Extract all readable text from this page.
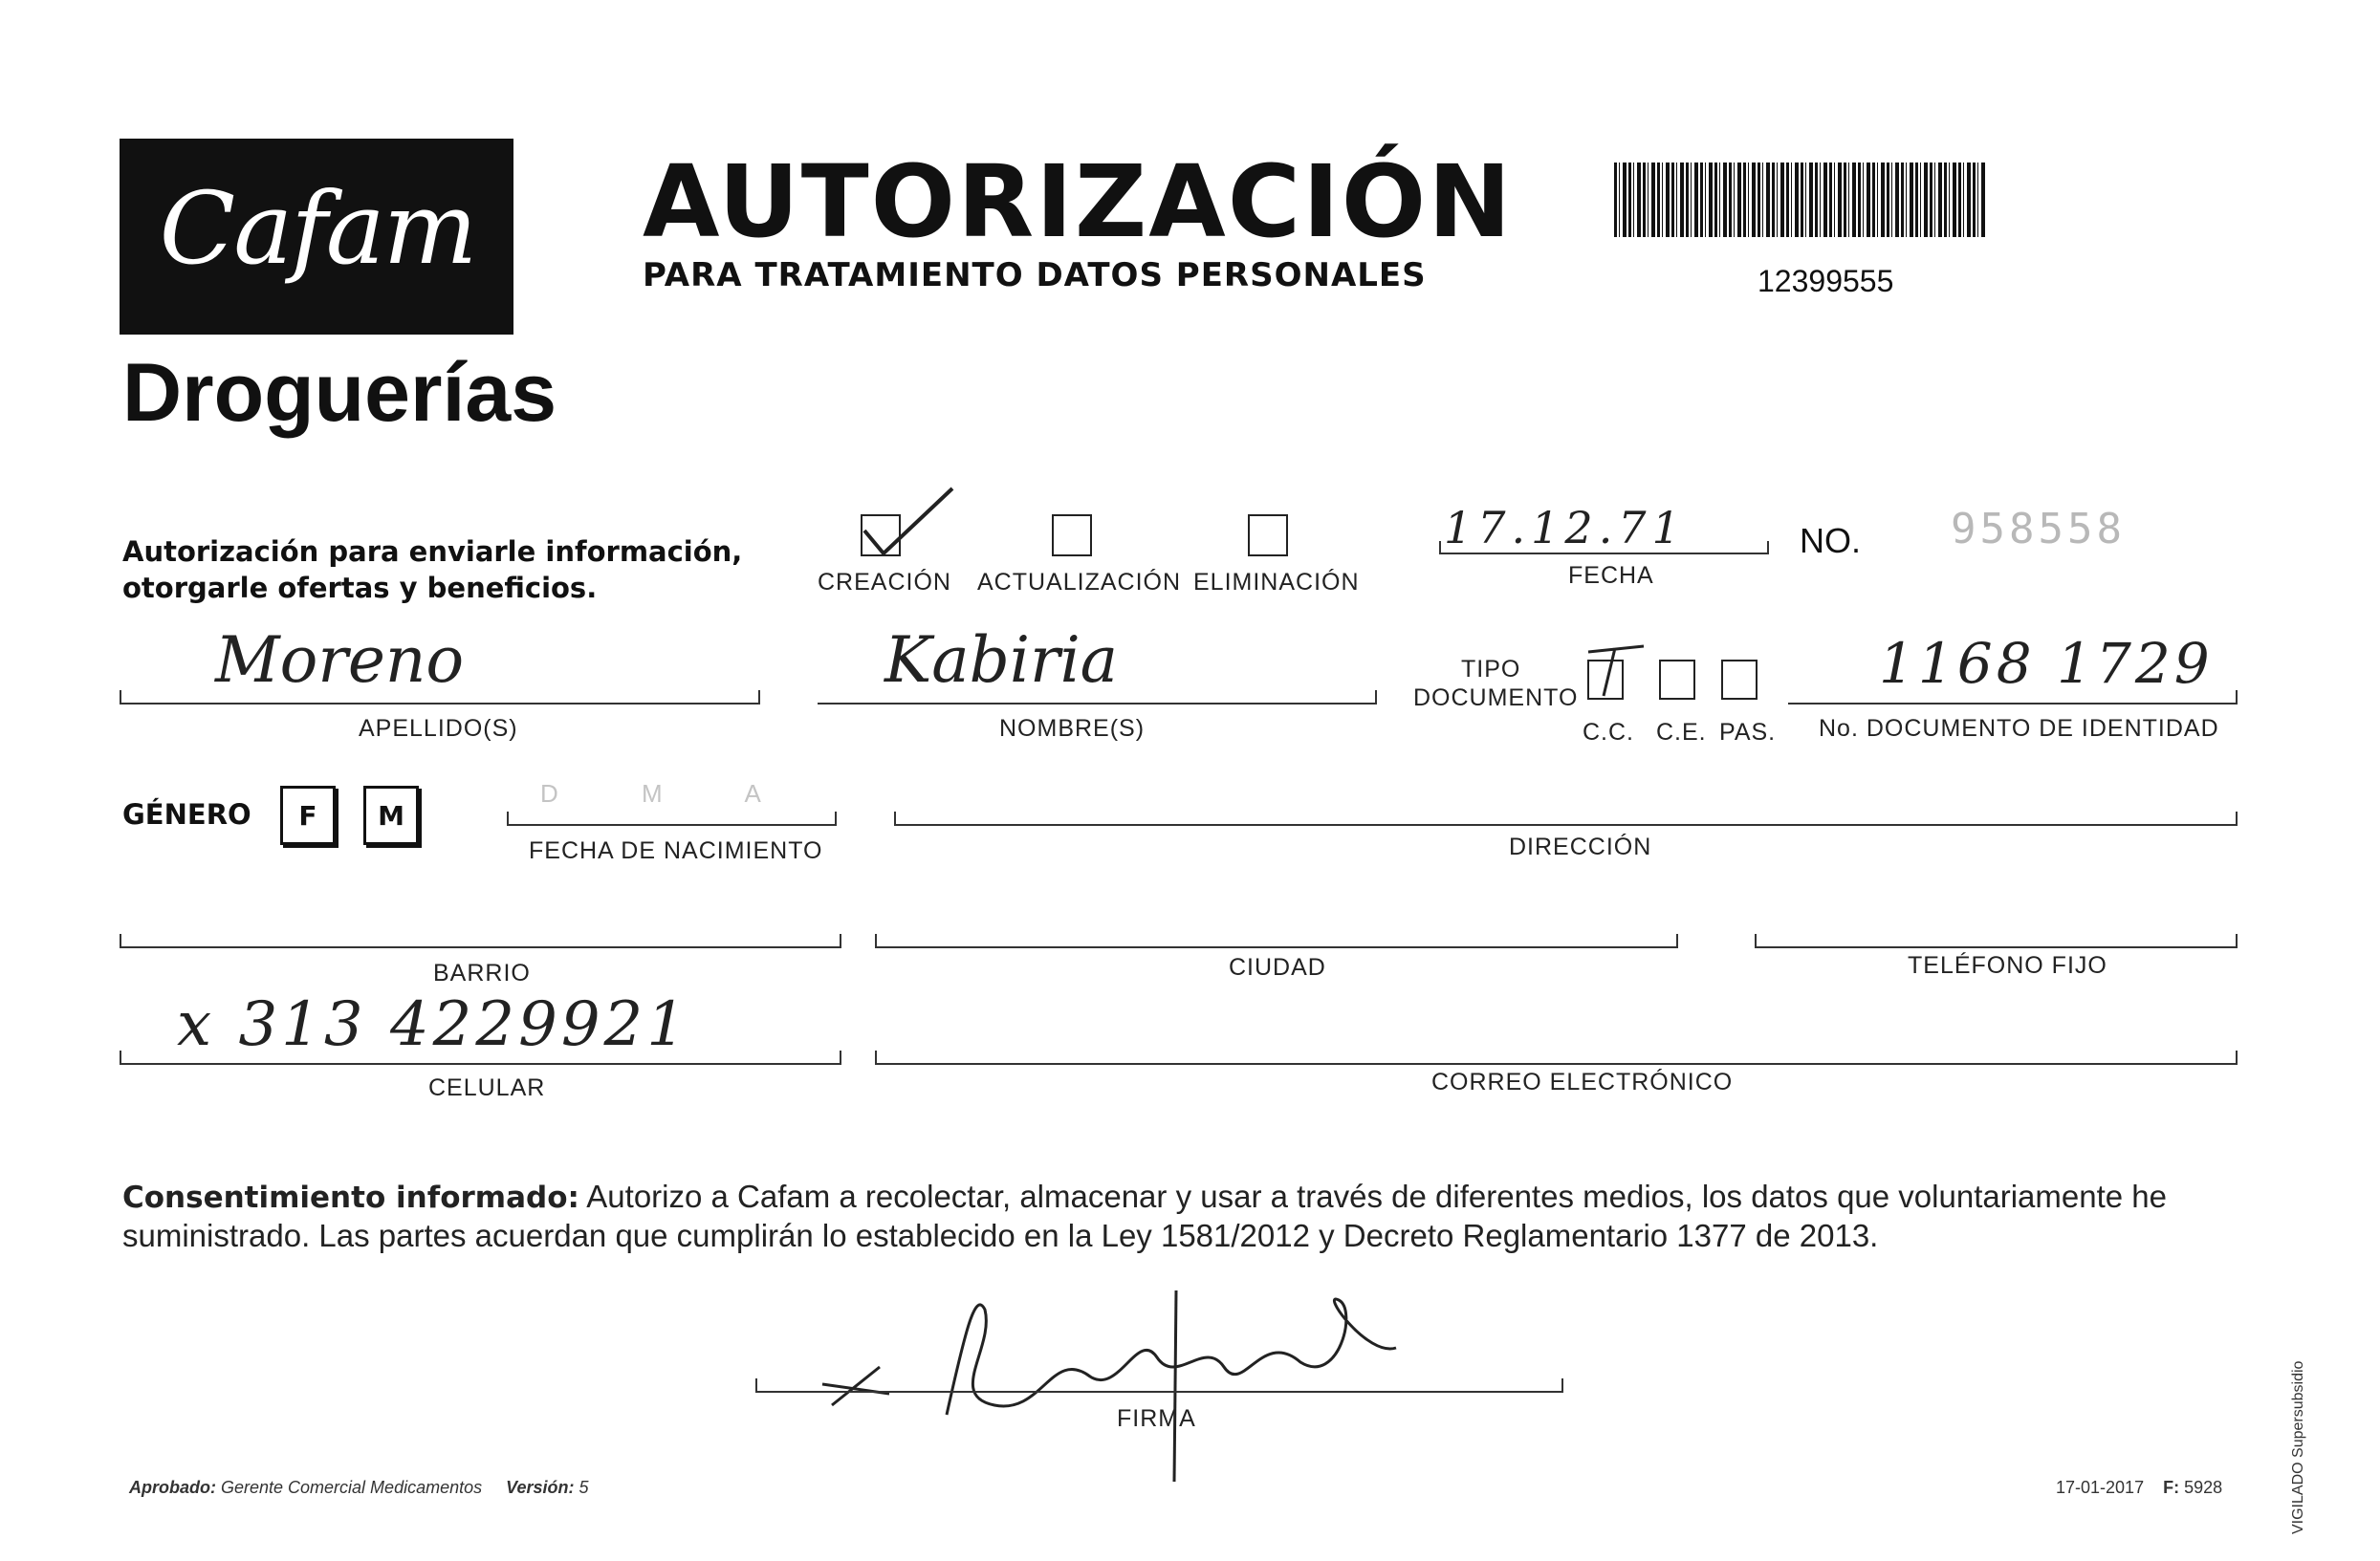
Cafam
Droguerías
AUTORIZACIÓN
PARA TRATAMIENTO DATOS PERSONALES	12399555
Autorización para enviarle información,
otorgarle ofertas y beneficios.	CREACIÓN ACTUALIZACIÓN ELIMINACIÓN
17.12.71
FECHA
NO. 958558
Moreno
APELLIDO(S)
Kabiria
NOMBRE(S)
TIPO
DOCUMENTO
C.C. C.E. PAS.
1168 1729
No. DOCUMENTO DE IDENTIDAD
GÉNERO	F	M
D M A
FECHA DE NACIMIENTO	DIRECCIÓN
BARRIO	CIUDAD	TELÉFONO FIJO
x 313 4229921
CELULAR	CORREO ELECTRÓNICO
Consentimiento informado: Autorizo a Cafam a recolectar, almacenar y usar a través de diferentes medios, los datos que voluntariamente he suministrado. Las partes acuerdan que cumplirán lo establecido en la Ley 1581/2012 y Decreto Reglamentario 1377 de 2013.
FIRMA
Aprobado: Gerente Comercial Medicamentos Versión: 5	17-01-2017 F: 5928	VIGILADO Supersubsidio
